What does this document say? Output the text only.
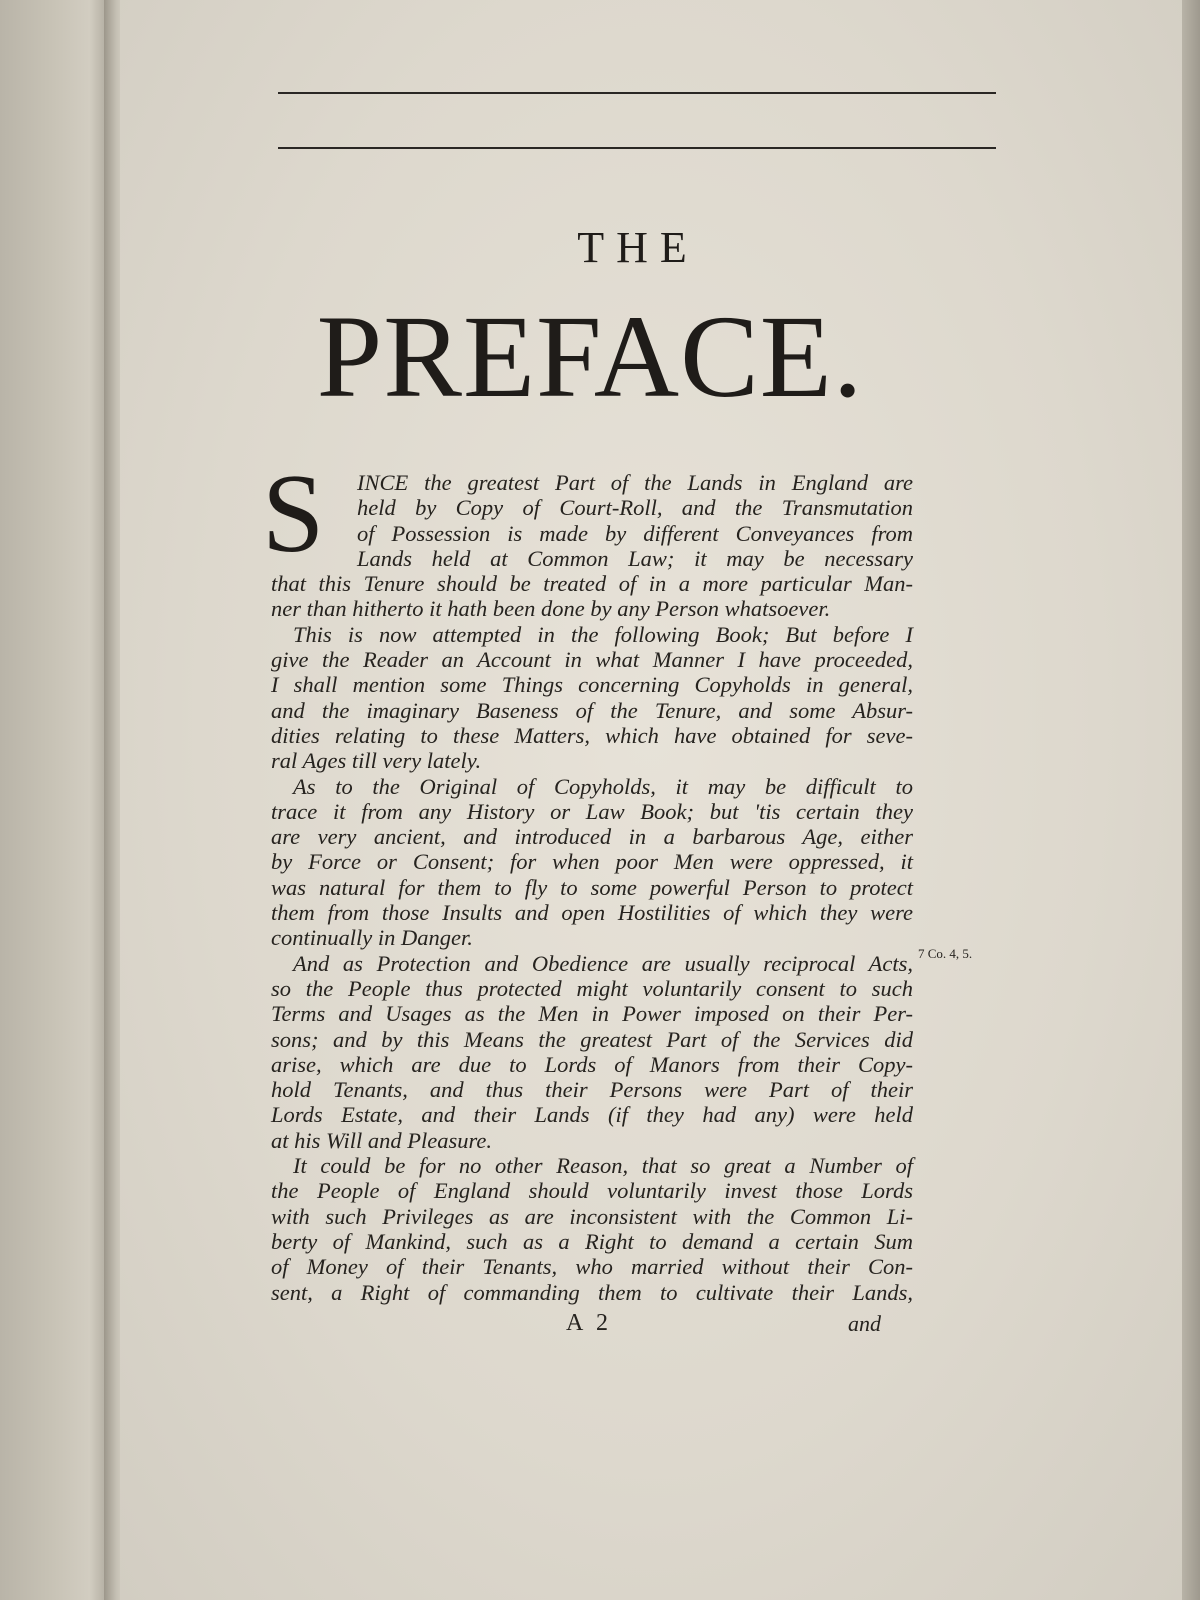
THE
PREFACE.
S	INCE the greatest Part of the Lands in England are
held by Copy of Court-Roll, and the Transmutation
of Possession is made by different Conveyances from
Lands held at Common Law; it may be necessary
that this Tenure should be treated of in a more particular Man-
ner than hitherto it hath been done by any Person whatsoever.
This is now attempted in the following Book; But before I
give the Reader an Account in what Manner I have proceeded,
I shall mention some Things concerning Copyholds in general,
and the imaginary Baseness of the Tenure, and some Absur-
dities relating to these Matters, which have obtained for seve-
ral Ages till very lately.
As to the Original of Copyholds, it may be difficult to
trace it from any History or Law Book; but 'tis certain they
are very ancient, and introduced in a barbarous Age, either
by Force or Consent; for when poor Men were oppressed, it
was natural for them to fly to some powerful Person to protect
them from those Insults and open Hostilities of which they were
continually in Danger.
And as Protection and Obedience are usually reciprocal Acts,
so the People thus protected might voluntarily consent to such
Terms and Usages as the Men in Power imposed on their Per-
sons; and by this Means the greatest Part of the Services did
arise, which are due to Lords of Manors from their Copy-
hold Tenants, and thus their Persons were Part of their
Lords Estate, and their Lands (if they had any) were held
at his Will and Pleasure.
It could be for no other Reason, that so great a Number of
the People of England should voluntarily invest those Lords
with such Privileges as are inconsistent with the Common Li-
berty of Mankind, such as a Right to demand a certain Sum
of Money of their Tenants, who married without their Con-
sent, a Right of commanding them to cultivate their Lands,
7 Co. 4, 5.
A 2	and
